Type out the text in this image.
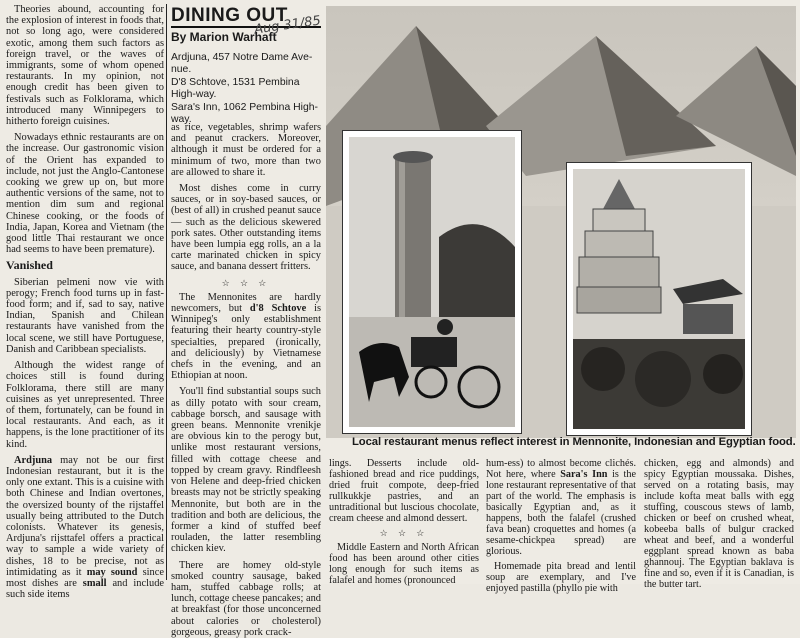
Theories abound, accounting for the explosion of interest in foods that, not so long ago, were considered exotic, among them such factors as foreign travel, or the waves of immigrants, some of whom opened restaurants. In my opinion, not enough credit has been given to festivals such as Folklorama, which introduced many Winnipegers to hitherto foreign cuisines.

Nowadays ethnic restaurants are on the increase. Our gastronomic vision of the Orient has expanded to include, not just the Anglo-Cantonese cooking we grew up on, but more authentic versions of the same, not to mention dim sum and regional Chinese cooking, or the foods of India, Japan, Korea and Vietnam (the good little Thai restaurant we once had seems to have been premature).

Vanished

Siberian pelmeni now vie with perogy; French food turns up in fast-food form; and if, sad to say, native Indian, Spanish and Chilean restaurants have vanished from the local scene, we still have Portuguese, Danish and Caribbean specialists.

Although the widest range of choices still is found during Folklorama, there still are many cuisines as yet unrepresented. Three of them, fortunately, can be found in local restaurants. And each, as it happens, is the lone practitioner of its kind.

Ardjuna may not be our first Indonesian restaurant, but it is the only one extant. This is a cuisine with both Chinese and Indian overtones, the oversized bounty of the rijstaffel usually being attributed to the Dutch colonists. Whatever its genesis, Ardjuna's rijsttafel offers a practical way to sample a wide variety of dishes, 18 to be precise, not as intimidating as it may sound since most dishes are small and include such side items

DINING OUT
By Marion Warhaft
Aug 31/85
Ardjuna, 457 Notre Dame Ave-nue.
D'8 Schtove, 1531 Pembina High-way.
Sara's Inn, 1062 Pembina High-way.

as rice, vegetables, shrimp wafers and peanut crackers. Moreover, although it must be ordered for a minimum of two, more than two are allowed to share it.

Most dishes come in curry sauces, or in soy-based sauces, or (best of all) in crushed peanut sauce — such as the delicious skewered pork sates. Other outstanding items have been lumpia egg rolls, an a la carte marinated chicken in spicy sauce, and banana dessert fritters.

☆ ☆ ☆

The Mennonites are hardly newcomers, but d'8 Schtove is Winnipeg's only establishment featuring their hearty country-style specialties, prepared (ironically, and deliciously) by Vietnamese chefs in the evening, and an Ethiopian at noon.

You'll find substantial soups such as dilly potato with sour cream, cabbage borsch, and sausage with green beans. Mennonite vrenikje are obvious kin to the perogy but, unlike most restaurant versions, filled with cottage cheese and topped by cream gravy. Rindfleesh von Helene and deep-fried chicken breasts may not be strictly speaking Mennonite, but both are in the tradition and both are delicious, the former a kind of stuffed beef rouladen, the latter resembling chicken kiev.

There are homey old-style smoked country sausage, baked ham, stuffed cabbage rolls; at lunch, cottage cheese pancakes; and at breakfast (for those unconcerned about calories or cholesterol) gorgeous, greasy pork crack-

Local restaurant menus reflect interest in Mennonite, Indonesian and Egyptian food.

lings. Desserts include old-fashioned bread and rice puddings, dried fruit compote, deep-fried rullkukkje pastries, and an untraditional but luscious chocolate, cream cheese and almond dessert.

☆ ☆ ☆

Middle Eastern and North African food has been around other cities long enough for such items as falafel and homes (pronounced

hum-ess) to almost become clichés. Not here, where Sara's Inn is the lone restaurant representative of that part of the world. The emphasis is basically Egyptian and, as it happens, both the falafel (crushed fava bean) croquettes and homes (a sesame-chickpea spread) are glorious.

Homemade pita bread and lentil soup are exemplary, and I've enjoyed pastilla (phyllo pie with

chicken, egg and almonds) and spicy Egyptian moussaka. Dishes, served on a rotating basis, may include kofta meat balls with egg stuffing, couscous stews of lamb, chicken or beef on crushed wheat, kobeeba balls of bulgur cracked wheat and beef, and a wonderful eggplant spread known as baba ghannouj. The Egyptian baklava is fine and so, even if it is Canadian, is the butter tart.
